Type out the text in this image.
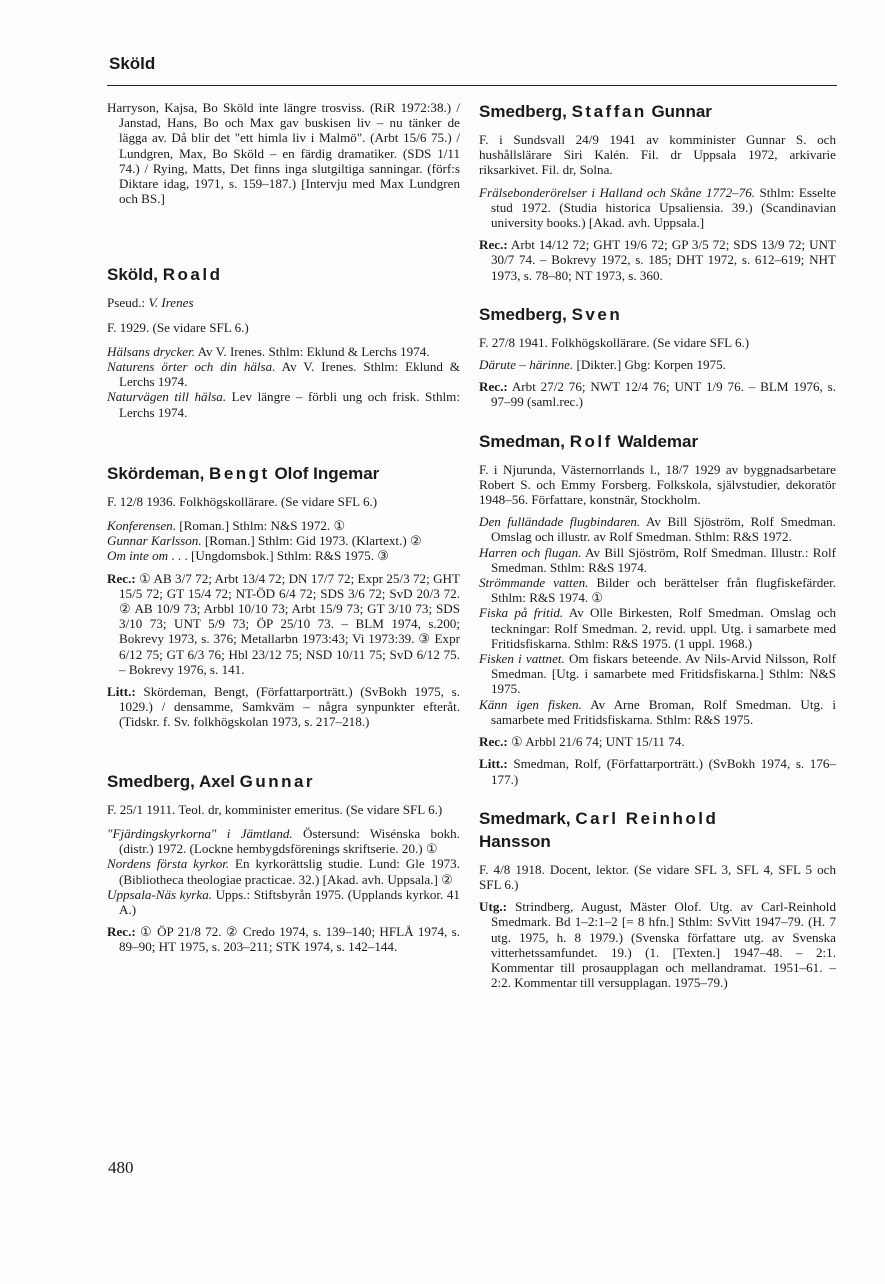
Sköld

Harryson, Kajsa, Bo Sköld inte längre trosviss. (RiR 1972:38.) / Janstad, Hans, Bo och Max gav buskisen liv – nu tänker de lägga av. Då blir det "ett himla liv i Malmö". (Arbt 15/6 75.) / Lundgren, Max, Bo Sköld – en färdig dramatiker. (SDS 1/11 74.) / Rying, Matts, Det finns inga slutgiltiga sanningar. (förf:s Diktare idag, 1971, s. 159–187.) [Intervju med Max Lundgren och BS.]

Sköld, Roald

Pseud.: V. Irenes

F. 1929. (Se vidare SFL 6.)

Hälsans drycker. Av V. Irenes. Sthlm: Eklund & Lerchs 1974.

Naturens örter och din hälsa. Av V. Irenes. Sthlm: Eklund & Lerchs 1974.

Naturvägen till hälsa. Lev längre – förbli ung och frisk. Sthlm: Lerchs 1974.

Skördeman, Bengt Olof Ingemar

F. 12/8 1936. Folkhögskollärare. (Se vidare SFL 6.)

Konferensen. [Roman.] Sthlm: N&S 1972. ①

Gunnar Karlsson. [Roman.] Sthlm: Gid 1973. (Klartext.) ②

Om inte om . . . [Ungdomsbok.] Sthlm: R&S 1975. ③

Rec.: ① AB 3/7 72; Arbt 13/4 72; DN 17/7 72; Expr 25/3 72; GHT 15/5 72; GT 15/4 72; NT-ÖD 6/4 72; SDS 3/6 72; SvD 20/3 72. ② AB 10/9 73; Arbbl 10/10 73; Arbt 15/9 73; GT 3/10 73; SDS 3/10 73; UNT 5/9 73; ÖP 25/10 73. – BLM 1974, s.200; Bokrevy 1973, s. 376; Metallarbn 1973:43; Vi 1973:39. ③ Expr 6/12 75; GT 6/3 76; Hbl 23/12 75; NSD 10/11 75; SvD 6/12 75. – Bokrevy 1976, s. 141.

Litt.: Skördeman, Bengt, (Författarporträtt.) (SvBokh 1975, s. 1029.) / densamme, Samkväm – några synpunkter efteråt. (Tidskr. f. Sv. folkhögskolan 1973, s. 217–218.)

Smedberg, Axel Gunnar

F. 25/1 1911. Teol. dr, komminister emeritus. (Se vidare SFL 6.)

"Fjärdingskyrkorna" i Jämtland. Östersund: Wisénska bokh. (distr.) 1972. (Lockne hembygdsförenings skriftserie. 20.) ①

Nordens första kyrkor. En kyrkorättslig studie. Lund: Gle 1973. (Bibliotheca theologiae practicae. 32.) [Akad. avh. Uppsala.] ②

Uppsala-Näs kyrka. Upps.: Stiftsbyrån 1975. (Upplands kyrkor. 41 A.)

Rec.: ① ÖP 21/8 72. ② Credo 1974, s. 139–140; HFLÅ 1974, s. 89–90; HT 1975, s. 203–211; STK 1974, s. 142–144.

Smedberg, Staffan Gunnar

F. i Sundsvall 24/9 1941 av komminister Gunnar S. och hushållslärare Siri Kalén. Fil. dr Uppsala 1972, arkivarie riksarkivet. Fil. dr, Solna.

Frälsebonderörelser i Halland och Skåne 1772–76. Sthlm: Esselte stud 1972. (Studia historica Upsaliensia. 39.) (Scandinavian university books.) [Akad. avh. Uppsala.]

Rec.: Arbt 14/12 72; GHT 19/6 72; GP 3/5 72; SDS 13/9 72; UNT 30/7 74. – Bokrevy 1972, s. 185; DHT 1972, s. 612–619; NHT 1973, s. 78–80; NT 1973, s. 360.

Smedberg, Sven

F. 27/8 1941. Folkhögskollärare. (Se vidare SFL 6.)

Därute – härinne. [Dikter.] Gbg: Korpen 1975.

Rec.: Arbt 27/2 76; NWT 12/4 76; UNT 1/9 76. – BLM 1976, s. 97–99 (saml.rec.)

Smedman, Rolf Waldemar

F. i Njurunda, Västernorrlands l., 18/7 1929 av byggnadsarbetare Robert S. och Emmy Forsberg. Folkskola, självstudier, dekoratör 1948–56. Författare, konstnär, Stockholm.

Den fulländade flugbindaren. Av Bill Sjöström, Rolf Smedman. Omslag och illustr. av Rolf Smedman. Sthlm: R&S 1972.

Harren och flugan. Av Bill Sjöström, Rolf Smedman. Illustr.: Rolf Smedman. Sthlm: R&S 1974.

Strömmande vatten. Bilder och berättelser från flugfiskefärder. Sthlm: R&S 1974. ①

Fiska på fritid. Av Olle Birkesten, Rolf Smedman. Omslag och teckningar: Rolf Smedman. 2, revid. uppl. Utg. i samarbete med Fritidsfiskarna. Sthlm: R&S 1975. (1 uppl. 1968.)

Fisken i vattnet. Om fiskars beteende. Av Nils-Arvid Nilsson, Rolf Smedman. [Utg. i samarbete med Fritidsfiskarna.] Sthlm: N&S 1975.

Känn igen fisken. Av Arne Broman, Rolf Smedman. Utg. i samarbete med Fritidsfiskarna. Sthlm: R&S 1975.

Rec.: ① Arbbl 21/6 74; UNT 15/11 74.

Litt.: Smedman, Rolf, (Författarporträtt.) (SvBokh 1974, s. 176–177.)

Smedmark, Carl Reinhold
Hansson

F. 4/8 1918. Docent, lektor. (Se vidare SFL 3, SFL 4, SFL 5 och SFL 6.)

Utg.: Strindberg, August, Mäster Olof. Utg. av Carl-Reinhold Smedmark. Bd 1–2:1–2 [= 8 hfn.] Sthlm: SvVitt 1947–79. (H. 7 utg. 1975, h. 8 1979.) (Svenska författare utg. av Svenska vitterhetssamfundet. 19.) (1. [Texten.] 1947–48. – 2:1. Kommentar till prosaupplagan och mellandramat. 1951–61. – 2:2. Kommentar till versupplagan. 1975–79.)

480
